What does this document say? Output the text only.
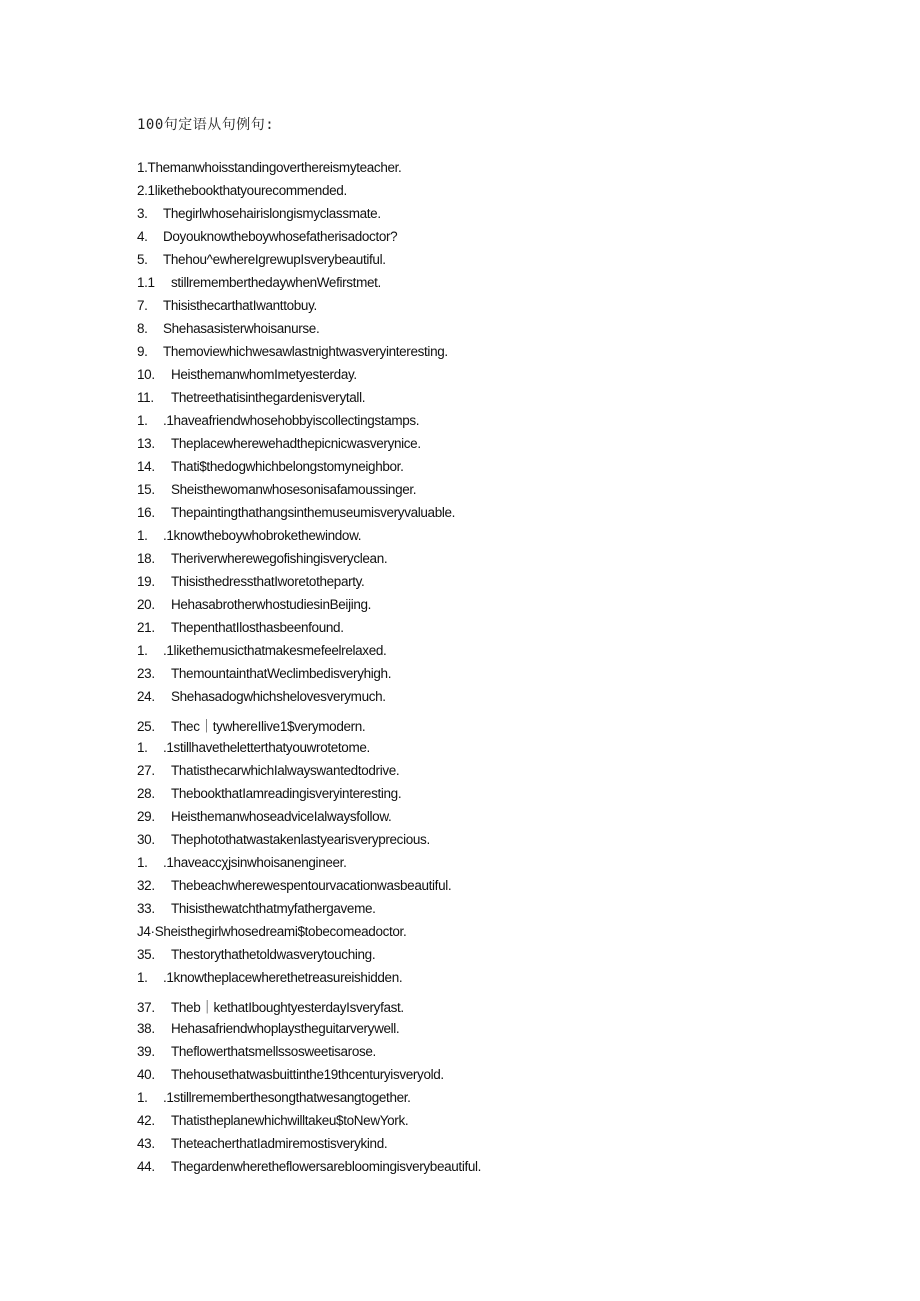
100句定语从句例句:
1.Themanwhoisstandingoverthereismyteacher.
2.1likethebookthatyourecommended.
3.	Thegirlwhosehairislongismyclassmate.
4.	Doyouknowtheboywhosefatherisadoctor?
5.	Thehou^ewhereIgrewupIsverybeautiful.
1.1	stillrememberthedaywhenWefirstmet.
7.	ThisisthecarthatIwanttobuy.
8.	Shehasasisterwhoisanurse.
9.	Themoviewhichwesawlastnightwasveryinteresting.
10.	HeisthemanwhomImetyesterday.
11.	Thetreethatisinthegardenisverytall.
1.	.1haveafriendwhosehobbyiscollectingstamps.
13.	Theplacewherewehadthepicnicwasverynice.
14.	Thati$thedogwhichbelongstomyneighbor.
15.	Sheisthewomanwhosesonisafamoussinger.
16.	Thepaintingthathangsinthemuseumisveryvaluable.
1.	.1knowtheboywhobrokethewindow.
18.	Theriverwherewegofishingisveryclean.
19.	ThisisthedressthatIworetotheparty.
20.	HehasabrotherwhostudiesinBeijing.
21.	ThepenthatIlosthasbeenfound.
1.	.1likethemusicthatmakesmefeelrelaxed.
23.	ThemountainthatWeclimbedisveryhigh.
24.	Shehasadogwhichshelovesverymuch.
25.	Thec｜tywhereIlive1$verymodern.
1.	.1stillhavetheletterthatyouwrotetome.
27.	ThatisthecarwhichIalwayswantedtodrive.
28.	ThebookthatIamreadingisveryinteresting.
29.	HeisthemanwhoseadviceIalwaysfollow.
30.	Thephotothatwastakenlastyearisveryprecious.
1.	.1haveaccχjsinwhoisanengineer.
32.	Thebeachwherewespentourvacationwasbeautiful.
33.	Thisisthewatchthatmyfathergaveme.
J4·Sheisthegirlwhosedreami$tobecomeadoctor.
35.	Thestorythathetoldwasverytouching.
1.	.1knowtheplacewherethetreasureishidden.
37.	Theb｜kethatIboughtyesterdayIsveryfast.
38.	Hehasafriendwhoplaystheguitarverywell.
39.	Theflowerthatsmellssosweetisarose.
40.	Thehousethatwasbuittinthe19thcenturyisveryold.
1.	.1stillrememberthesongthatwesangtogether.
42.	Thatistheplanewhichwilltakeu$toNewYork.
43.	TheteacherthatIadmiremostisverykind.
44.	Thegardenwheretheflowersarebloomingisverybeautiful.
